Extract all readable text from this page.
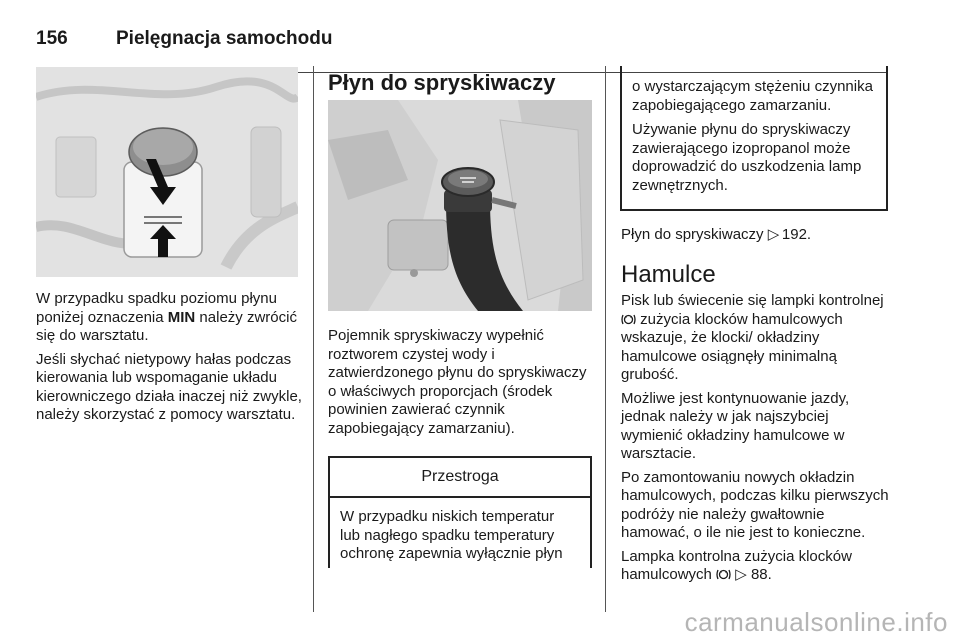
156	Pielęgnacja samochodu

W przypadku spadku poziomu płynu poniżej oznaczenia MIN należy zwrócić się do warsztatu.

Jeśli słychać nietypowy hałas podczas kierowania lub wspomaganie układu kierowniczego działa inaczej niż zwykle, należy skorzystać z pomocy warsztatu.

Płyn do spryskiwaczy

Pojemnik spryskiwaczy wypełnić roztworem czystej wody i zatwierdzonego płynu do spryskiwaczy o właściwych proporcjach (środek powinien zawierać czynnik zapobiegający zamarzaniu).

Przestroga
W przypadku niskich temperatur lub nagłego spadku temperatury ochronę zapewnia wyłącznie płyn

o wystarczającym stężeniu czynnika zapobiegającego zamarzaniu.

Używanie płynu do spryskiwaczy zawierającego izopropanol może doprowadzić do uszkodzenia lamp zewnętrznych.

Płyn do spryskiwaczy ▷ 192.
Hamulce

Pisk lub świecenie się lampki kontrolnej  zużycia klocków hamulcowych wskazuje, że klocki/ okładziny hamulcowe osiągnęły minimalną grubość.

Możliwe jest kontynuowanie jazdy, jednak należy w jak najszybciej wymienić okładziny hamulcowe w warsztacie.

Po zamontowaniu nowych okładzin hamulcowych, podczas kilku pierwszych podróży nie należy gwałtownie hamować, o ile nie jest to konieczne.

Lampka kontrolna zużycia klocków hamulcowych  ▷ 88.

carmanualsonline.info
